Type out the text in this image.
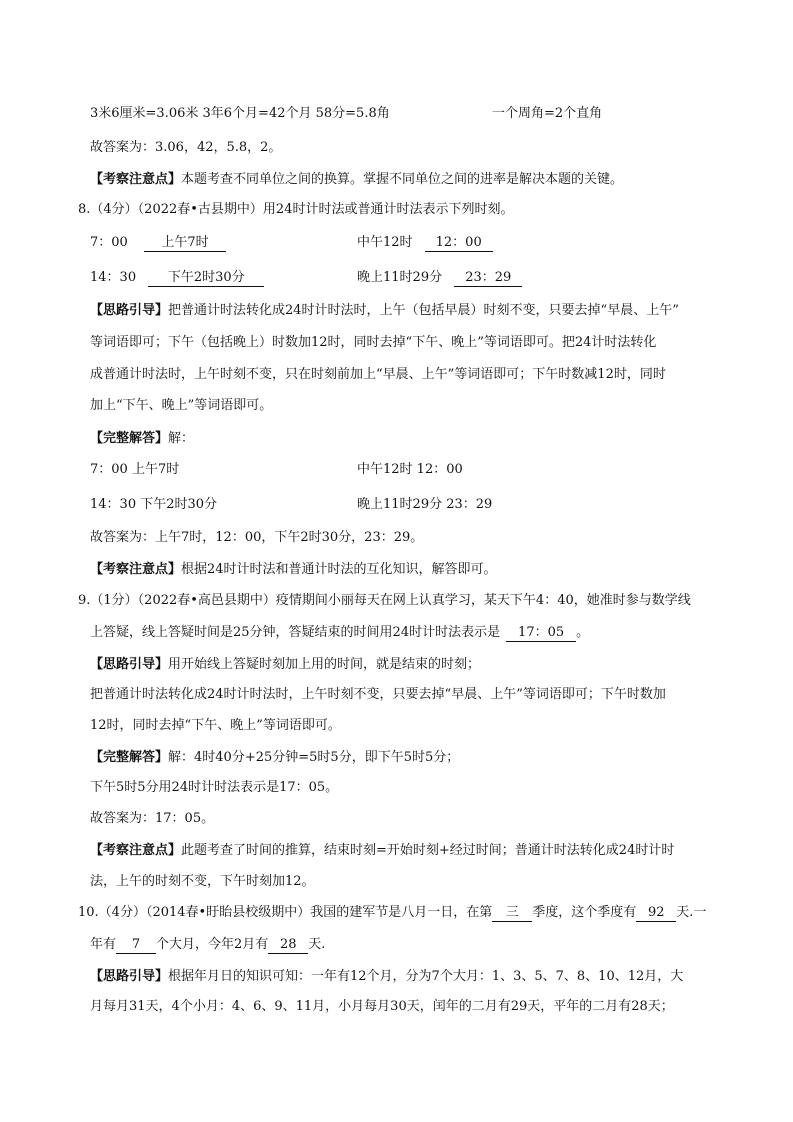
3米6厘米=3.06米 3年6个月=42个月 58分=5.8角	一个周角=2个直角
故答案为：3.06，42，5.8，2。
【考察注意点】本题考查不同单位之间的换算。掌握不同单位之间的进率是解决本题的关键。
8.（4分）（2022春•古县期中）用24时计时法或普通计时法表示下列时刻。
7：00	上午7时	中午12时 12：00
14：30 下午2时30分	晚上11时29分 23：29
【思路引导】把普通计时法转化成24时计时法时，上午（包括早晨）时刻不变，只要去掉“早晨、上午”
等词语即可；下午（包括晚上）时数加12时，同时去掉“下午、晚上”等词语即可。把24计时法转化
成普通计时法时，上午时刻不变，只在时刻前加上“早晨、上午”等词语即可；下午时数减12时，同时
加上“下午、晚上”等词语即可。
【完整解答】解：
7：00 上午7时	中午12时 12：00
14：30 下午2时30分	晚上11时29分 23：29
故答案为：上午7时，12：00，下午2时30分，23：29。
【考察注意点】根据24时计时法和普通计时法的互化知识，解答即可。
9.（1分）（2022春•高邑县期中）疫情期间小丽每天在网上认真学习，某天下午4：40，她准时参与数学线
上答疑，线上答疑时间是25分钟，答疑结束的时间用24时计时法表示是 17：05 。
【思路引导】用开始线上答疑时刻加上用的时间，就是结束的时刻；
把普通计时法转化成24时计时法时，上午时刻不变，只要去掉“早晨、上午”等词语即可；下午时数加
12时，同时去掉“下午、晚上”等词语即可。
【完整解答】解：4时40分+25分钟=5时5分，即下午5时5分；
下午5时5分用24时计时法表示是17：05。
故答案为：17：05。
【考察注意点】此题考查了时间的推算，结束时刻=开始时刻+经过时间；普通计时法转化成24时计时
法，上午的时刻不变，下午时刻加12。
10.（4分）（2014春•盱眙县校级期中）我国的建军节是八月一日，在第 三 季度，这个季度有 92 天.一
年有 7 个大月，今年2月有 28 天.
【思路引导】根据年月日的知识可知：一年有12个月，分为7个大月：1、3、5、7、8、10、12月，大
月每月31天，4个小月：4、6、9、11月，小月每月30天，闰年的二月有29天，平年的二月有28天；
